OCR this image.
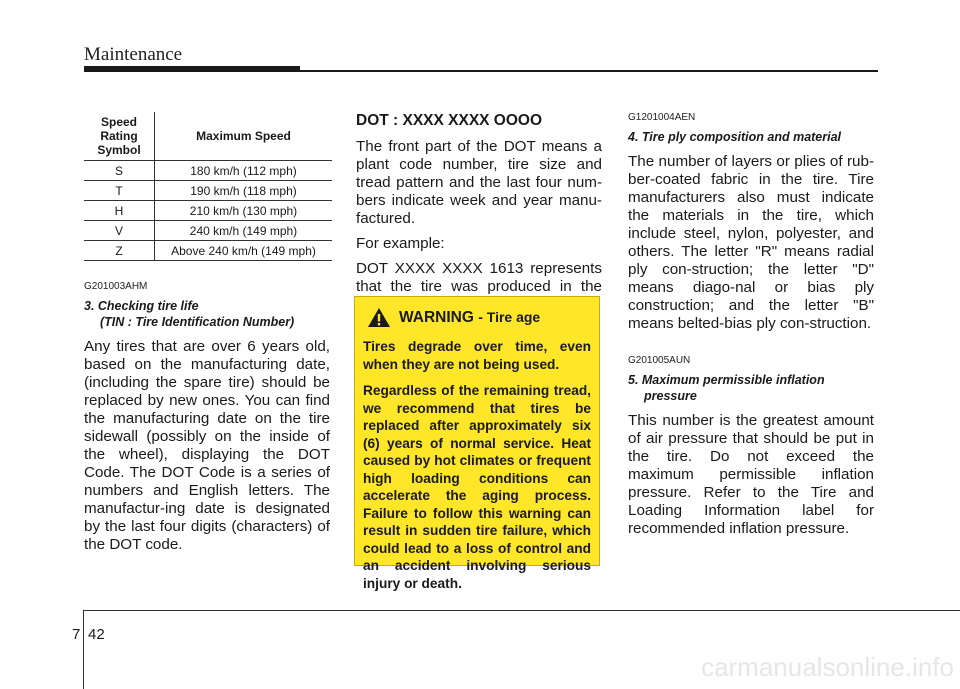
Maintenance
Speed Rating Symbol	Maximum Speed
S	180 km/h (112 mph)
T	190 km/h (118 mph)
H	210 km/h (130 mph)
V	240 km/h (149 mph)
Z	Above 240 km/h (149 mph)

G201003AHM

3. Checking tire life
(TIN : Tire Identification Number)

Any tires that are over 6 years old, based on the manufacturing date, (including the spare tire) should be replaced by new ones. You can find the manufacturing date on the tire sidewall (possibly on the inside of the wheel), displaying the DOT Code. The DOT Code is a series of numbers and English letters. The manufactur-ing date is designated by the last four digits (characters) of the DOT code.

DOT : XXXX XXXX OOOO

The front part of the DOT means a plant code number, tire size and tread pattern and the last four num-bers indicate week and year manu-factured.

For example:

DOT XXXX XXXX 1613 represents that the tire was produced in the

WARNING - Tire age

Tires degrade over time, even when they are not being used.

Regardless of the remaining tread, we recommend that tires be replaced after approximately six (6) years of normal service. Heat caused by hot climates or frequent high loading conditions can accelerate the aging process. Failure to follow this warning can result in sudden tire failure, which could lead to a loss of control and an accident involving serious injury or death.

G1201004AEN

4. Tire ply composition and material

The number of layers or plies of rub-ber-coated fabric in the tire. Tire manufacturers also must indicate the materials in the tire, which include steel, nylon, polyester, and others. The letter "R" means radial ply con-struction; the letter "D" means diago-nal or bias ply construction; and the letter "B" means belted-bias ply con-struction.

G201005AUN

5. Maximum permissible inflation
pressure

This number is the greatest amount of air pressure that should be put in the tire. Do not exceed the maximum permissible inflation pressure. Refer to the Tire and Loading Information label for recommended inflation pressure.

7 42
carmanualsonline.info
